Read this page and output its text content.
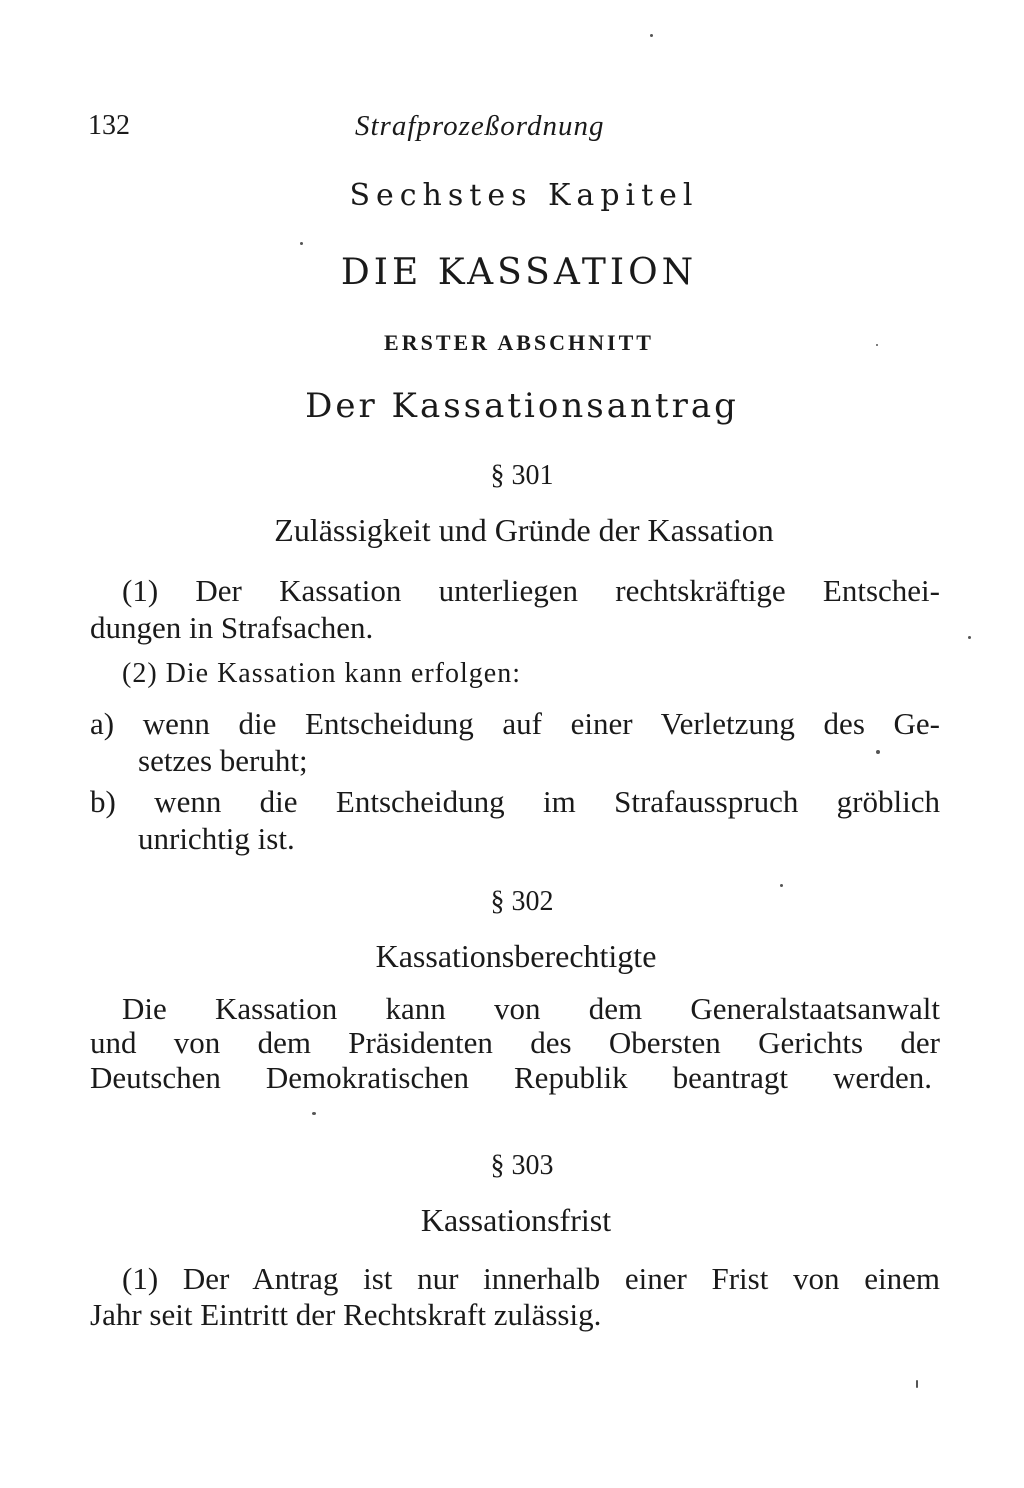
132	Strafprozeßordnung
Sechstes Kapitel
DIE KASSATION
ERSTER ABSCHNITT
Der Kassationsantrag
§ 301
Zulässigkeit und Gründe der Kassation
(1) Der Kassation unterliegen rechtskräftige Entschei-
dungen in Strafsachen.
(2) Die Kassation kann erfolgen:
a) wenn die Entscheidung auf einer Verletzung des Ge-
setzes beruht;
b) wenn die Entscheidung im Strafausspruch gröblich
unrichtig ist.
§ 302
Kassationsberechtigte
Die Kassation kann von dem Generalstaatsanwalt
und von dem Präsidenten des Obersten Gerichts der
Deutschen Demokratischen Republik beantragt werden.
§ 303
Kassationsfrist
(1) Der Antrag ist nur innerhalb einer Frist von einem
Jahr seit Eintritt der Rechtskraft zulässig.
